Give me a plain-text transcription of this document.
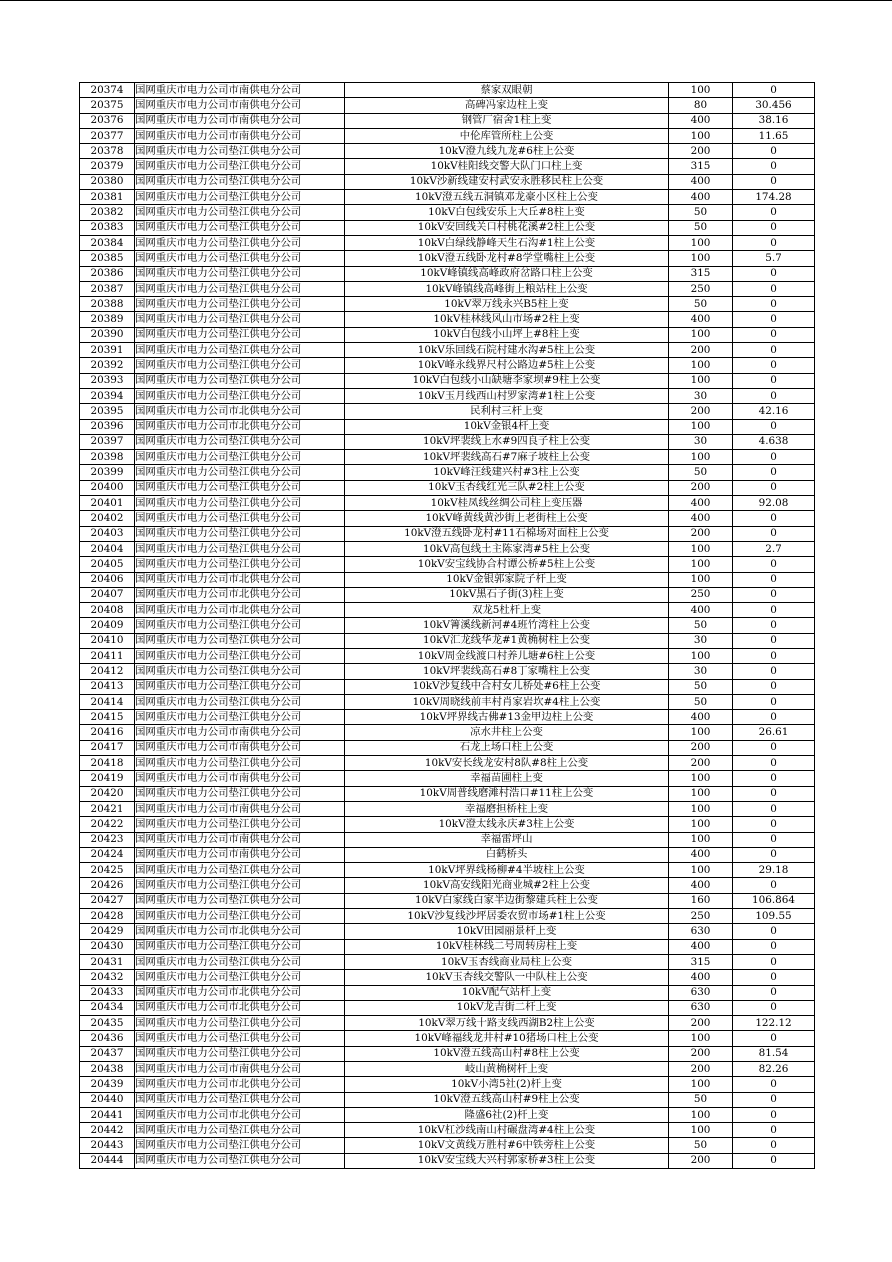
20374	国网重庆市电力公司市南供电分公司	蔡家双眼朝	100	0
20375	国网重庆市电力公司市南供电分公司	高碑冯家边柱上变	80	30.456
20376	国网重庆市电力公司市南供电分公司	钢管厂宿舍1柱上变	400	38.16
20377	国网重庆市电力公司市南供电分公司	中伦库管所柱上公变	100	11.65
20378	国网重庆市电力公司垫江供电分公司	10kV澄九线九龙#6柱上公变	200	0
20379	国网重庆市电力公司垫江供电分公司	10kV桂阳线交警大队门口柱上变	315	0
20380	国网重庆市电力公司垫江供电分公司	10kV沙新线建安村武安永胜移民柱上公变	400	0
20381	国网重庆市电力公司垫江供电分公司	10kV澄五线五洞镇邓龙豪小区柱上公变	400	174.28
20382	国网重庆市电力公司垫江供电分公司	10kV白包线安乐上大丘#8柱上变	50	0
20383	国网重庆市电力公司垫江供电分公司	10kV安回线关口村桃花溪#2柱上公变	50	0
20384	国网重庆市电力公司垫江供电分公司	10kV白绿线静峰天生石沟#1柱上公变	100	0
20385	国网重庆市电力公司垫江供电分公司	10kV澄五线卧龙村#8学堂嘴柱上公变	100	5.7
20386	国网重庆市电力公司垫江供电分公司	10kV峰镇线高峰政府岔路口柱上公变	315	0
20387	国网重庆市电力公司垫江供电分公司	10kV峰镇线高峰街上粮站柱上公变	250	0
20388	国网重庆市电力公司垫江供电分公司	10kV翠万线永兴B5柱上变	50	0
20389	国网重庆市电力公司垫江供电分公司	10kV桂林线风山市场#2柱上变	400	0
20390	国网重庆市电力公司垫江供电分公司	10kV白包线小山坪上#8柱上变	100	0
20391	国网重庆市电力公司垫江供电分公司	10kV乐回线石院村建水沟#5柱上公变	200	0
20392	国网重庆市电力公司垫江供电分公司	10kV峰永线界尺村公路边#5柱上公变	100	0
20393	国网重庆市电力公司垫江供电分公司	10kV白包线小山缺塘李家坝#9柱上公变	100	0
20394	国网重庆市电力公司垫江供电分公司	10kV玉月线西山村罗家湾#1柱上公变	30	0
20395	国网重庆市电力公司市北供电分公司	民利村三杆上变	200	42.16
20396	国网重庆市电力公司市北供电分公司	10kV金银4杆上变	100	0
20397	国网重庆市电力公司垫江供电分公司	10kV坪裴线上水#9四良子柱上公变	30	4.638
20398	国网重庆市电力公司垫江供电分公司	10kV坪裴线高石#7麻子坡柱上公变	100	0
20399	国网重庆市电力公司垫江供电分公司	10kV峰汪线建兴村#3柱上公变	50	0
20400	国网重庆市电力公司垫江供电分公司	10kV玉杏线红光三队#2柱上公变	200	0
20401	国网重庆市电力公司垫江供电分公司	10kV桂凤线丝绸公司柱上变压器	400	92.08
20402	国网重庆市电力公司垫江供电分公司	10kV峰黄线黄沙街上老街柱上公变	400	0
20403	国网重庆市电力公司垫江供电分公司	10kV澄五线卧龙村#11石棉场对面柱上公变	200	0
20404	国网重庆市电力公司垫江供电分公司	10kV高包线土主陈家湾#5柱上公变	100	2.7
20405	国网重庆市电力公司垫江供电分公司	10kV安宝线协合村谭公桥#5柱上公变	100	0
20406	国网重庆市电力公司市北供电分公司	10kV金银郭家院子杆上变	100	0
20407	国网重庆市电力公司市北供电分公司	10kV黑石子街(3)柱上变	250	0
20408	国网重庆市电力公司市北供电分公司	双龙5杜杆上变	400	0
20409	国网重庆市电力公司垫江供电分公司	10kV箐溪线新河#4班竹湾柱上公变	50	0
20410	国网重庆市电力公司垫江供电分公司	10kV汇龙线华龙#1黄桷树柱上公变	30	0
20411	国网重庆市电力公司垫江供电分公司	10kV周金线渡口村养儿塘#6柱上公变	100	0
20412	国网重庆市电力公司垫江供电分公司	10kV坪裴线高石#8丁家嘴柱上公变	30	0
20413	国网重庆市电力公司垫江供电分公司	10kV沙复线中合村女儿桥处#6柱上公变	50	0
20414	国网重庆市电力公司垫江供电分公司	10kV周晓线前丰村肖家岩坎#4柱上公变	50	0
20415	国网重庆市电力公司垫江供电分公司	10kV坪界线古佛#13金甲边柱上公变	400	0
20416	国网重庆市电力公司市南供电分公司	凉水井柱上公变	100	26.61
20417	国网重庆市电力公司市南供电分公司	石龙上场口柱上公变	200	0
20418	国网重庆市电力公司垫江供电分公司	10kV安长线龙安村8队#8柱上公变	200	0
20419	国网重庆市电力公司市南供电分公司	幸福苗圃柱上变	100	0
20420	国网重庆市电力公司垫江供电分公司	10kV周普线磨滩村浩口#11柱上公变	100	0
20421	国网重庆市电力公司市南供电分公司	幸福磨担桥柱上变	100	0
20422	国网重庆市电力公司垫江供电分公司	10kV澄太线永庆#3柱上公变	100	0
20423	国网重庆市电力公司市南供电分公司	幸福雷坪山	100	0
20424	国网重庆市电力公司市南供电分公司	白鹤桥头	400	0
20425	国网重庆市电力公司垫江供电分公司	10kV坪界线杨柳#4半坡柱上公变	100	29.18
20426	国网重庆市电力公司垫江供电分公司	10kV高安线阳光商业城#2柱上公变	400	0
20427	国网重庆市电力公司垫江供电分公司	10kV白家线白家半边街黎建兵柱上公变	160	106.864
20428	国网重庆市电力公司垫江供电分公司	10kV沙复线沙坪居委农贸市场#1柱上公变	250	109.55
20429	国网重庆市电力公司市北供电分公司	10kV田园丽景杆上变	630	0
20430	国网重庆市电力公司垫江供电分公司	10kV桂林线二号周转房柱上变	400	0
20431	国网重庆市电力公司垫江供电分公司	10kV玉杏线商业局柱上公变	315	0
20432	国网重庆市电力公司垫江供电分公司	10kV玉杏线交警队一中队柱上公变	400	0
20433	国网重庆市电力公司市北供电分公司	10kV配气站杆上变	630	0
20434	国网重庆市电力公司市北供电分公司	10kV龙吉街二杆上变	630	0
20435	国网重庆市电力公司垫江供电分公司	10kV翠万线十路支线西湖B2柱上公变	200	122.12
20436	国网重庆市电力公司垫江供电分公司	10kV峰福线龙井村#10猪场口柱上公变	100	0
20437	国网重庆市电力公司垫江供电分公司	10kV澄五线高山村#8柱上公变	200	81.54
20438	国网重庆市电力公司市南供电分公司	岐山黄桷树杆上变	200	82.26
20439	国网重庆市电力公司市北供电分公司	10kV小湾5社(2)杆上变	100	0
20440	国网重庆市电力公司垫江供电分公司	10kV澄五线高山村#9柱上公变	50	0
20441	国网重庆市电力公司市北供电分公司	隆盛6社(2)杆上变	100	0
20442	国网重庆市电力公司垫江供电分公司	10kV杠沙线南山村碾盘湾#4柱上公变	100	0
20443	国网重庆市电力公司垫江供电分公司	10kV文黄线万胜村#6中铁旁柱上公变	50	0
20444	国网重庆市电力公司垫江供电分公司	10kV安宝线大兴村郭家桥#3柱上公变	200	0
